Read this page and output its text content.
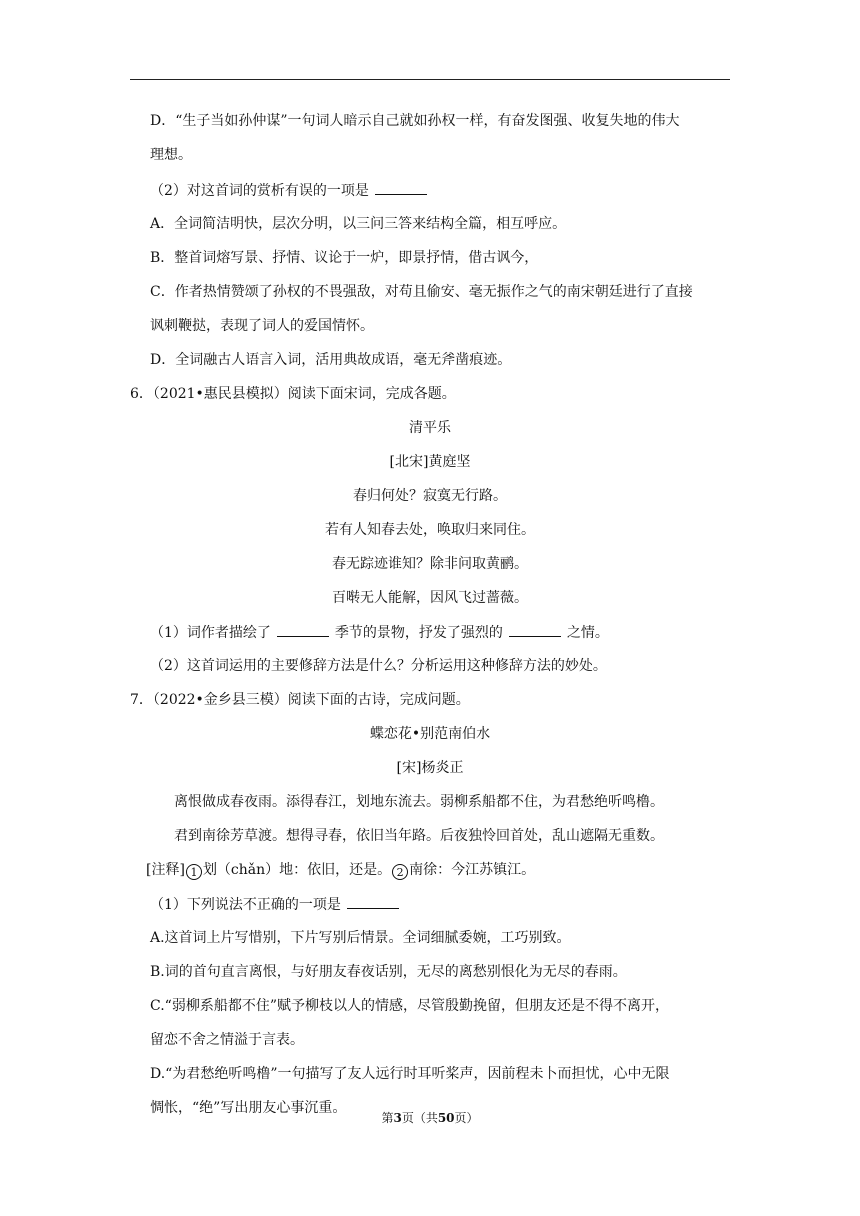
D．“生子当如孙仲谋”一句词人暗示自己就如孙权一样，有奋发图强、收复失地的伟大
理想。
（2）对这首词的赏析有误的一项是
A．全词简洁明快，层次分明，以三问三答来结构全篇，相互呼应。
B．整首词熔写景、抒情、议论于一炉，即景抒情，借古讽今，
C．作者热情赞颂了孙权的不畏强敌，对苟且偷安、毫无振作之气的南宋朝廷进行了直接
讽刺鞭挞，表现了词人的爱国情怀。
D．全词融古人语言入词，活用典故成语，毫无斧凿痕迹。
6．（2021•惠民县模拟）阅读下面宋词，完成各题。
清平乐
[北宋]黄庭坚
春归何处？寂寞无行路。
若有人知春去处，唤取归来同住。
春无踪迹谁知？除非问取黄鹂。
百啭无人能解，因风飞过蔷薇。
（1）词作者描绘了	季节的景物，抒发了强烈的	之情。
（2）这首词运用的主要修辞方法是什么？分析运用这种修辞方法的妙处。
7．（2022•金乡县三模）阅读下面的古诗，完成问题。
蝶恋花•别范南伯水
[宋]杨炎正
离恨做成春夜雨。添得春江，划地东流去。弱柳系船都不住，为君愁绝听鸣橹。
君到南徐芳草渡。想得寻春，依旧当年路。后夜独怜回首处，乱山遮隔无重数。
[注释] 1 划（chǎn）地：依旧，还是。 2 南徐：今江苏镇江。
（1）下列说法不正确的一项是
A.这首词上片写惜别，下片写别后情景。全词细腻委婉，工巧别致。
B.词的首句直言离恨，与好朋友春夜话别，无尽的离愁别恨化为无尽的春雨。
C.“弱柳系船都不住”赋予柳枝以人的情感，尽管殷勤挽留，但朋友还是不得不离开，
留恋不舍之情溢于言表。
D.“为君愁绝听鸣橹”一句描写了友人远行时耳听桨声，因前程未卜而担忧，心中无限
惆怅，“绝”写出朋友心事沉重。
第3页（共50页）
